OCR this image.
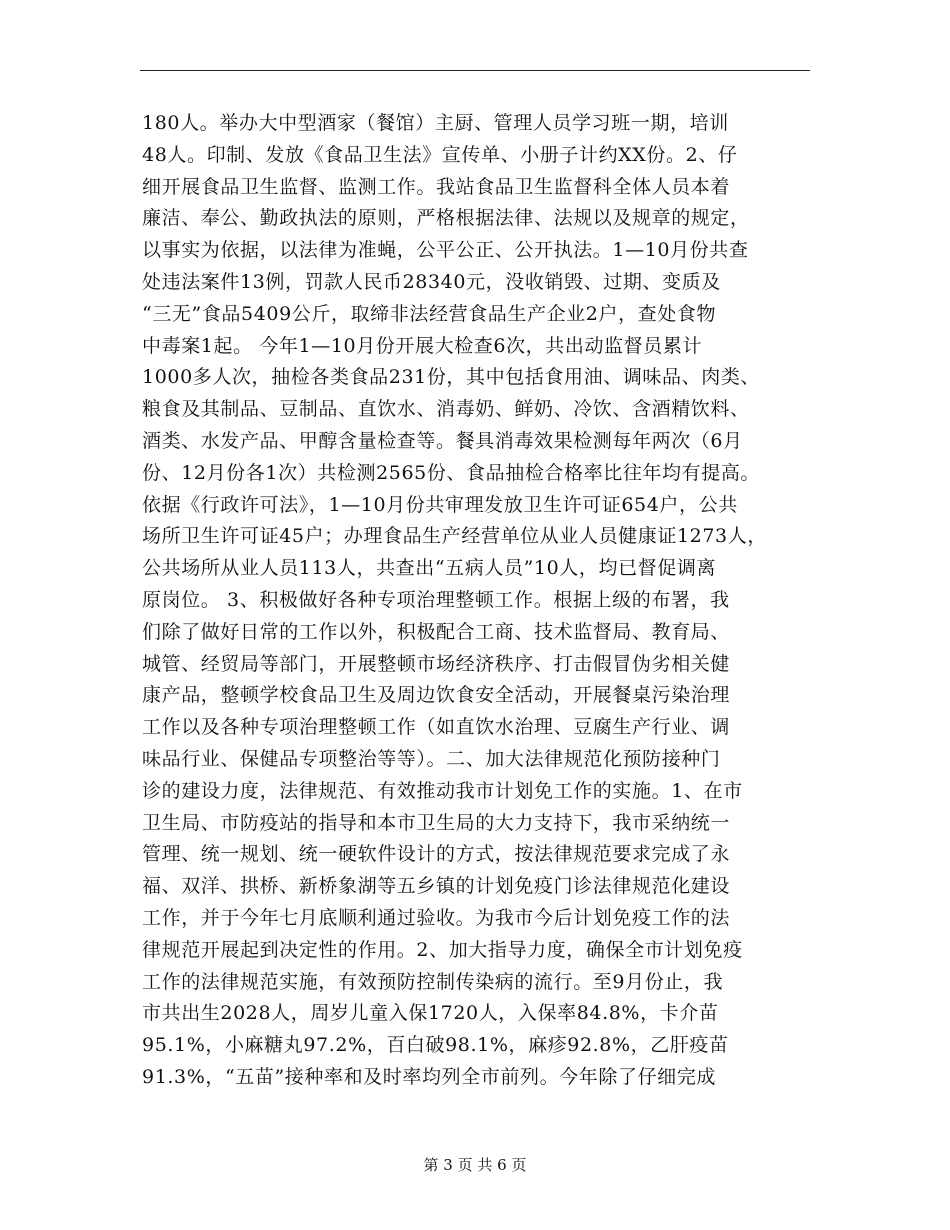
180人。举办大中型酒家（餐馆）主厨、管理人员学习班一期，培训
48人。印制、发放《食品卫生法》宣传单、小册子计约XX份。2、仔
细开展食品卫生监督、监测工作。我站食品卫生监督科全体人员本着
廉洁、奉公、勤政执法的原则，严格根据法律、法规以及规章的规定，
以事实为依据，以法律为准蝇，公平公正、公开执法。1—10月份共查
处违法案件13例，罚款人民币28340元，没收销毁、过期、变质及
“三无”食品5409公斤，取缔非法经营食品生产企业2户，查处食物
中毒案1起。 今年1—10月份开展大检查6次，共出动监督员累计
1000多人次，抽检各类食品231份，其中包括食用油、调味品、肉类、
粮食及其制品、豆制品、直饮水、消毒奶、鲜奶、冷饮、含酒精饮料、
酒类、水发产品、甲醇含量检查等。餐具消毒效果检测每年两次（6月
份、12月份各1次）共检测2565份、食品抽检合格率比往年均有提高。
依据《行政许可法》，1—10月份共审理发放卫生许可证654户，公共
场所卫生许可证45户；办理食品生产经营单位从业人员健康证1273人，
公共场所从业人员113人，共查出“五病人员”10人，均已督促调离
原岗位。 3、积极做好各种专项治理整顿工作。根据上级的布署，我
们除了做好日常的工作以外，积极配合工商、技术监督局、教育局、
城管、经贸局等部门，开展整顿市场经济秩序、打击假冒伪劣相关健
康产品，整顿学校食品卫生及周边饮食安全活动，开展餐桌污染治理
工作以及各种专项治理整顿工作（如直饮水治理、豆腐生产行业、调
味品行业、保健品专项整治等等）。二、加大法律规范化预防接种门
诊的建设力度，法律规范、有效推动我市计划免工作的实施。1、在市
卫生局、市防疫站的指导和本市卫生局的大力支持下，我市采纳统一
管理、统一规划、统一硬软件设计的方式，按法律规范要求完成了永
福、双洋、拱桥、新桥象湖等五乡镇的计划免疫门诊法律规范化建设
工作，并于今年七月底顺利通过验收。为我市今后计划免疫工作的法
律规范开展起到决定性的作用。2、加大指导力度，确保全市计划免疫
工作的法律规范实施，有效预防控制传染病的流行。至9月份止，我
市共出生2028人，周岁儿童入保1720人，入保率84.8%，卡介苗
95.1%，小麻糖丸97.2%，百白破98.1%，麻疹92.8%，乙肝疫苗
91.3%，“五苗”接种率和及时率均列全市前列。今年除了仔细完成
第 3 页 共 6 页
